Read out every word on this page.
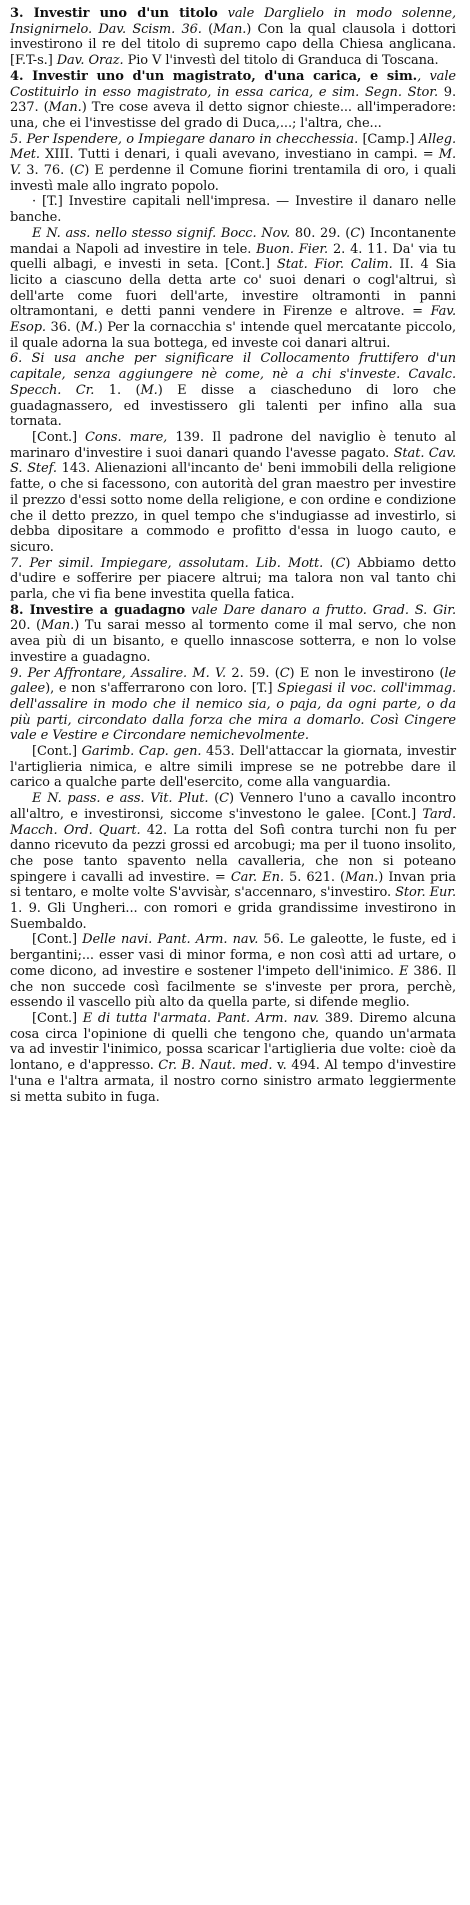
3. Investir uno d'un titolo vale Darglielo in modo solenne, Insignirnelo. Dav. Scism. 36. (Man.) Con la qual clausola i dottori investirono il re del titolo di supremo capo della Chiesa anglicana. [F.T-s.] Dav. Oraz. Pio V l'investì del titolo di Granduca di Toscana.

4. Investir uno d'un magistrato, d'una carica, e sim., vale Costituirlo in esso magistrato, in essa carica, e sim. Segn. Stor. 9. 237. (Man.) Tre cose aveva il detto signor chieste... all'imperadore: una, che ei l'investisse del grado di Duca,...; l'altra, che...

5. Per Ispendere, o Impiegare danaro in checchessia. [Camp.] Alleg. Met. XIII. Tutti i denari, i quali avevano, investiano in campi. = M. V. 3. 76. (C) E perdenne il Comune fiorini trentamila di oro, i quali investì male allo ingrato popolo.

· [T.] Investire capitali nell'impresa. — Investire il danaro nelle banche.

E N. ass. nello stesso signif. Bocc. Nov. 80. 29. (C) Incontanente mandai a Napoli ad investire in tele. Buon. Fier. 2. 4. 11. Da' via tu quelli albagi, e investi in seta. [Cont.] Stat. Fior. Calim. II. 4 Sia licito a ciascuno della detta arte co' suoi denari o cogl'altrui, sì dell'arte come fuori dell'arte, investire oltramonti in panni oltramontani, e detti panni vendere in Firenze e altrove. = Fav. Esop. 36. (M.) Per la cornacchia s' intende quel mercatante piccolo, il quale adorna la sua bottega, ed investe coi danari altrui.

6. Si usa anche per significare il Collocamento fruttifero d'un capitale, senza aggiungere nè come, nè a chi s'investe. Cavalc. Specch. Cr. 1. (M.) E disse a ciascheduno di loro che guadagnassero, ed investissero gli talenti per infino alla sua tornata.

[Cont.] Cons. mare, 139. Il padrone del naviglio è tenuto al marinaro d'investire i suoi danari quando l'avesse pagato. Stat. Cav. S. Stef. 143. Alienazioni all'incanto de' beni immobili della religione fatte, o che si facessono, con autorità del gran maestro per investire il prezzo d'essi sotto nome della religione, e con ordine e condizione che il detto prezzo, in quel tempo che s'indugiasse ad investirlo, si debba dipositare a commodo e profitto d'essa in luogo cauto, e sicuro.

7. Per simil. Impiegare, assolutam. Lib. Mott. (C) Abbiamo detto d'udire e sofferire per piacere altrui; ma talora non val tanto chi parla, che vi fia bene investita quella fatica.

8. Investire a guadagno vale Dare danaro a frutto. Grad. S. Gir. 20. (Man.) Tu sarai messo al tormento come il mal servo, che non avea più di un bisanto, e quello innascose sotterra, e non lo volse investire a guadagno.

9. Per Affrontare, Assalire. M. V. 2. 59. (C) E non le investirono (le galee), e non s'afferrarono con loro. [T.] Spiegasi il voc. coll'immag. dell'assalire in modo che il nemico sia, o paja, da ogni parte, o da più parti, circondato dalla forza che mira a domarlo. Così Cingere vale e Vestire e Circondare nemichevolmente.

[Cont.] Garimb. Cap. gen. 453. Dell'attaccar la giornata, investir l'artiglieria nimica, e altre simili imprese se ne potrebbe dare il carico a qualche parte dell'esercito, come alla vanguardia.

E N. pass. e ass. Vit. Plut. (C) Vennero l'uno a cavallo incontro all'altro, e investironsi, siccome s'investono le galee. [Cont.] Tard. Macch. Ord. Quart. 42. La rotta del Sofì contra turchi non fu per danno ricevuto da pezzi grossi ed arcobugi; ma per il tuono insolito, che pose tanto spavento nella cavalleria, che non si poteano spingere i cavalli ad investire. = Car. En. 5. 621. (Man.) Invan pria si tentaro, e molte volte S'avvisàr, s'accennaro, s'investiro. Stor. Eur. 1. 9. Gli Ungheri... con romori e grida grandissime investirono in Suembaldo.

[Cont.] Delle navi. Pant. Arm. nav. 56. Le galeotte, le fuste, ed i bergantini;... esser vasi di minor forma, e non così atti ad urtare, o come dicono, ad investire e sostener l'impeto dell'inimico. E 386. Il che non succede così facilmente se s'investe per prora, perchè, essendo il vascello più alto da quella parte, si difende meglio.

[Cont.] E di tutta l'armata. Pant. Arm. nav. 389. Diremo alcuna cosa circa l'opinione di quelli che tengono che, quando un'armata va ad investir l'inimico, possa scaricar l'artiglieria due volte: cioè da lontano, e d'appresso. Cr. B. Naut. med. v. 494. Al tempo d'investire l'una e l'altra armata, il nostro corno sinistro armato leggiermente si metta subito in fuga.
